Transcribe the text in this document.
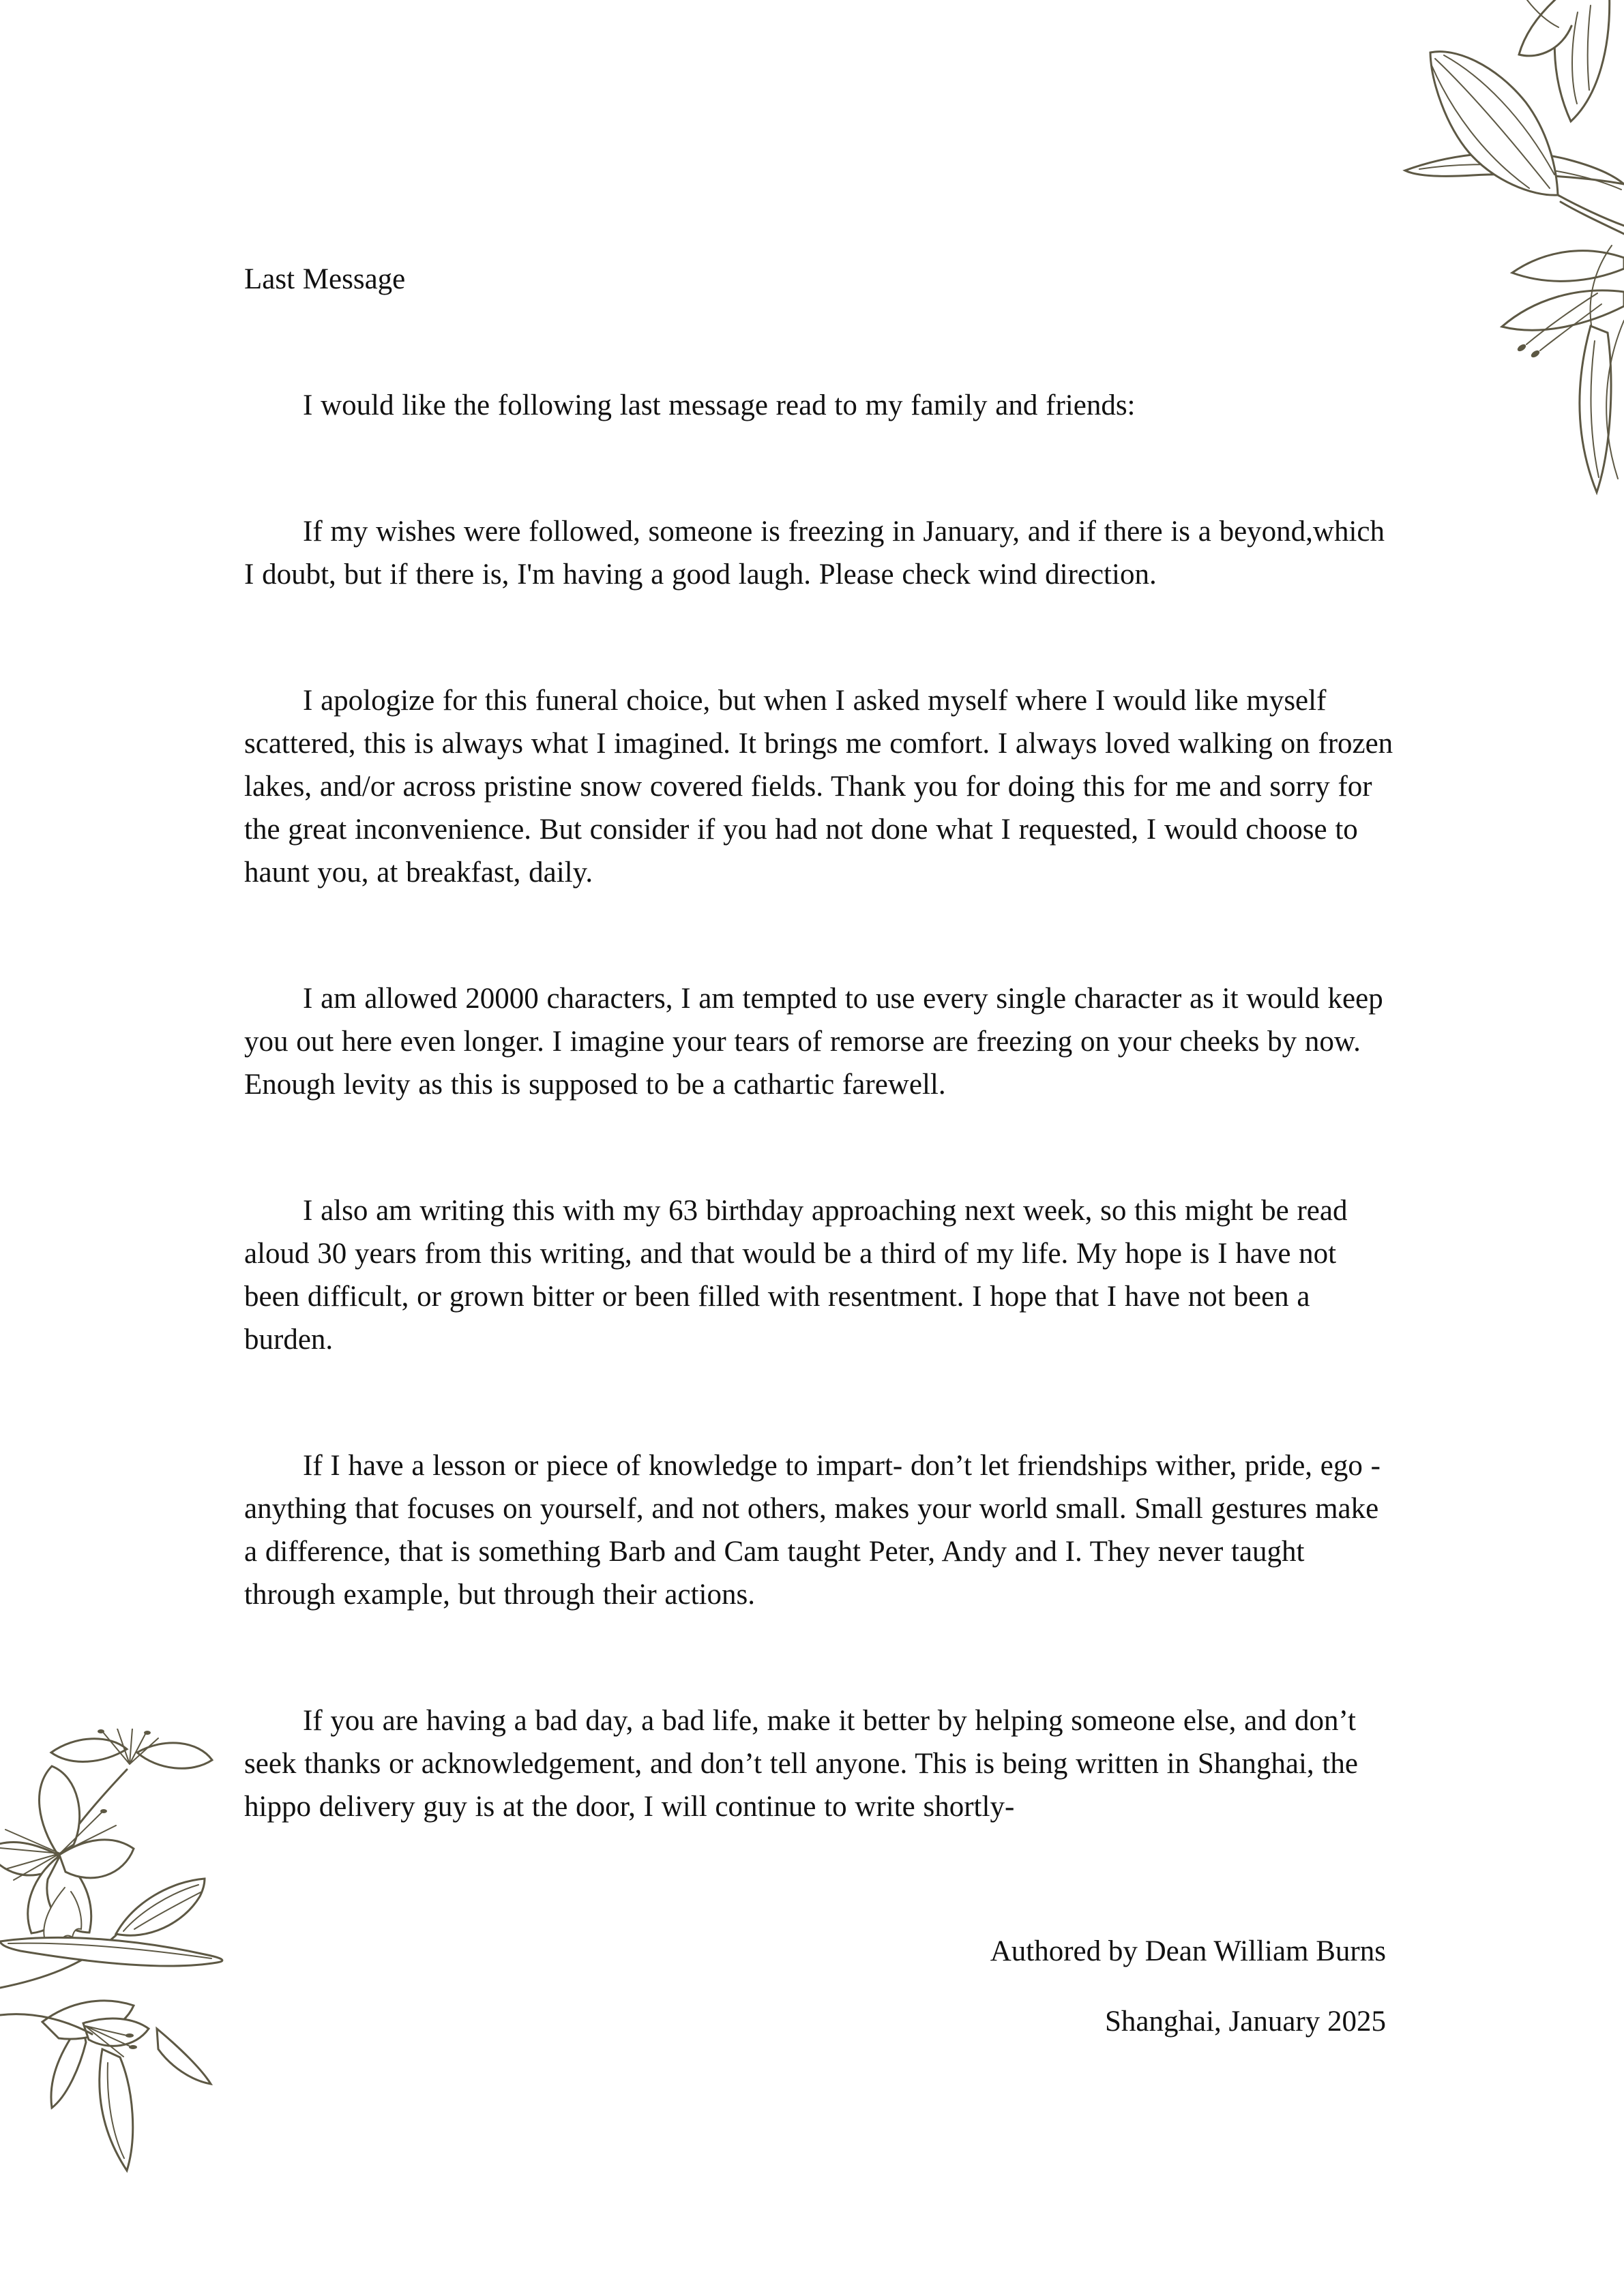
Last Message

I would like the following last message read to my family and friends:

If my wishes were followed, someone is freezing in January, and if there is a beyond,which I doubt, but if there is, I'm having a good laugh. Please check wind direction.

I apologize for this funeral choice, but when I asked myself where I would like myself scattered, this is always what I imagined. It brings me comfort. I always loved walking on frozen lakes, and/or across pristine snow covered fields. Thank you for doing this for me and sorry for the great inconvenience. But consider if you had not done what I requested, I would choose to haunt you, at breakfast, daily.

I am allowed 20000 characters, I am tempted to use every single character as it would keep you out here even longer. I imagine your tears of remorse are freezing on your cheeks by now. Enough levity as this is supposed to be a cathartic farewell.

I also am writing this with my 63 birthday approaching next week, so this might be read aloud 30 years from this writing, and that would be a third of my life. My hope is I have not been difficult, or grown bitter or been filled with resentment. I hope that I have not been a burden.

If I have a lesson or piece of knowledge to impart- don’t let friendships wither, pride, ego - anything that focuses on yourself, and not others, makes your world small. Small gestures make a difference, that is something Barb and Cam taught Peter, Andy and I. They never taught through example, but through their actions.

If you are having a bad day, a bad life, make it better by helping someone else, and don’t seek thanks or acknowledgement, and don’t tell anyone. This is being written in Shanghai, the hippo delivery guy is at the door, I will continue to write shortly-

Authored by Dean William Burns
Shanghai, January 2025
